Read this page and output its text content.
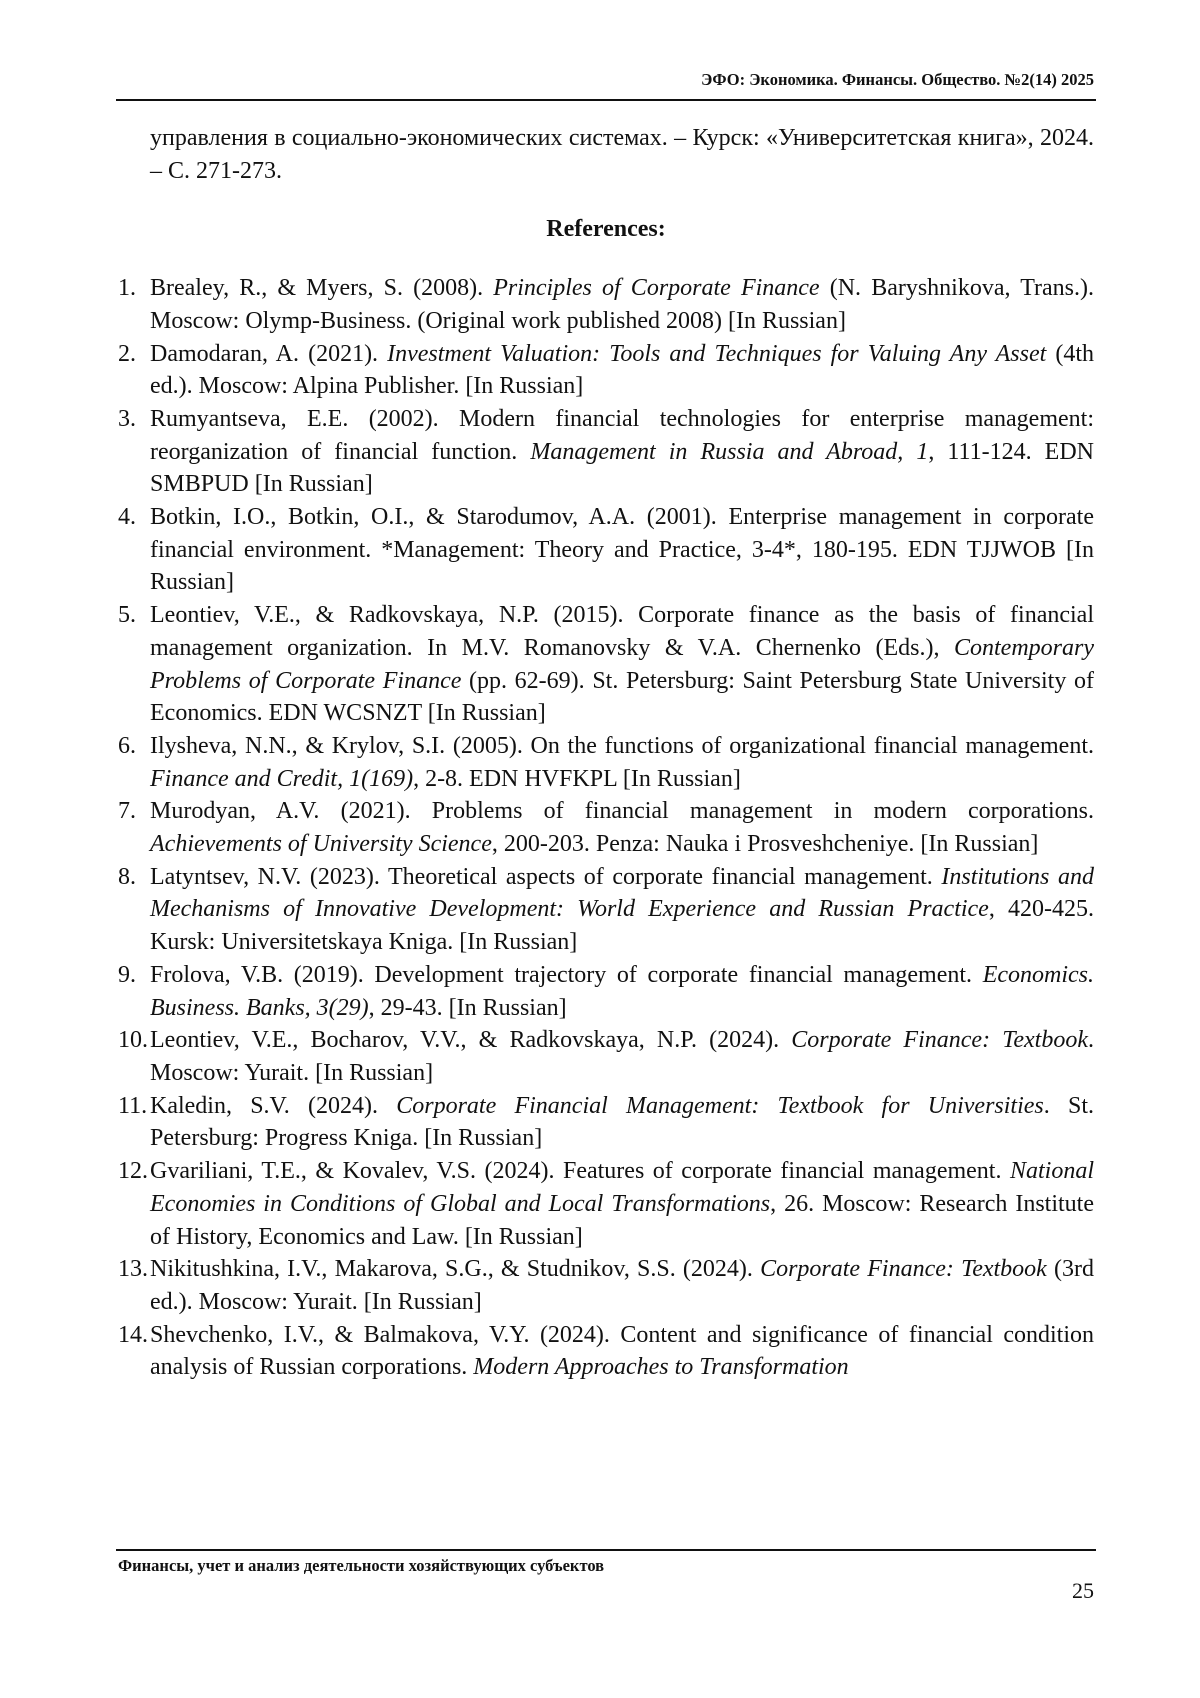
ЭФО: Экономика. Финансы. Общество. №2(14) 2025
управления в социально-экономических системах. – Курск: «Университетская книга», 2024. – С. 271-273.
References:
1. Brealey, R., & Myers, S. (2008). Principles of Corporate Finance (N. Baryshnikova, Trans.). Moscow: Olymp-Business. (Original work published 2008) [In Russian]
2. Damodaran, A. (2021). Investment Valuation: Tools and Techniques for Valuing Any Asset (4th ed.). Moscow: Alpina Publisher. [In Russian]
3. Rumyantseva, E.E. (2002). Modern financial technologies for enterprise management: reorganization of financial function. Management in Russia and Abroad, 1, 111-124. EDN SMBPUD [In Russian]
4. Botkin, I.O., Botkin, O.I., & Starodumov, A.A. (2001). Enterprise management in corporate financial environment. *Management: Theory and Practice, 3-4*, 180-195. EDN TJJWOB [In Russian]
5. Leontiev, V.E., & Radkovskaya, N.P. (2015). Corporate finance as the basis of financial management organization. In M.V. Romanovsky & V.A. Chernenko (Eds.), Contemporary Problems of Corporate Finance (pp. 62-69). St. Petersburg: Saint Petersburg State University of Economics. EDN WCSNZT [In Russian]
6. Ilysheva, N.N., & Krylov, S.I. (2005). On the functions of organizational financial management. Finance and Credit, 1(169), 2-8. EDN HVFKPL [In Russian]
7. Murodyan, A.V. (2021). Problems of financial management in modern corporations. Achievements of University Science, 200-203. Penza: Nauka i Prosveshcheniye. [In Russian]
8. Latyntsev, N.V. (2023). Theoretical aspects of corporate financial management. Institutions and Mechanisms of Innovative Development: World Experience and Russian Practice, 420-425. Kursk: Universitetskaya Kniga. [In Russian]
9. Frolova, V.B. (2019). Development trajectory of corporate financial management. Economics. Business. Banks, 3(29), 29-43. [In Russian]
10. Leontiev, V.E., Bocharov, V.V., & Radkovskaya, N.P. (2024). Corporate Finance: Textbook. Moscow: Yurait. [In Russian]
11. Kaledin, S.V. (2024). Corporate Financial Management: Textbook for Universities. St. Petersburg: Progress Kniga. [In Russian]
12. Gvariliani, T.E., & Kovalev, V.S. (2024). Features of corporate financial management. National Economies in Conditions of Global and Local Transformations, 26. Moscow: Research Institute of History, Economics and Law. [In Russian]
13. Nikitushkina, I.V., Makarova, S.G., & Studnikov, S.S. (2024). Corporate Finance: Textbook (3rd ed.). Moscow: Yurait. [In Russian]
14. Shevchenko, I.V., & Balmakova, V.Y. (2024). Content and significance of financial condition analysis of Russian corporations. Modern Approaches to Transformation
Финансы, учет и анализ деятельности хозяйствующих субъектов
25
